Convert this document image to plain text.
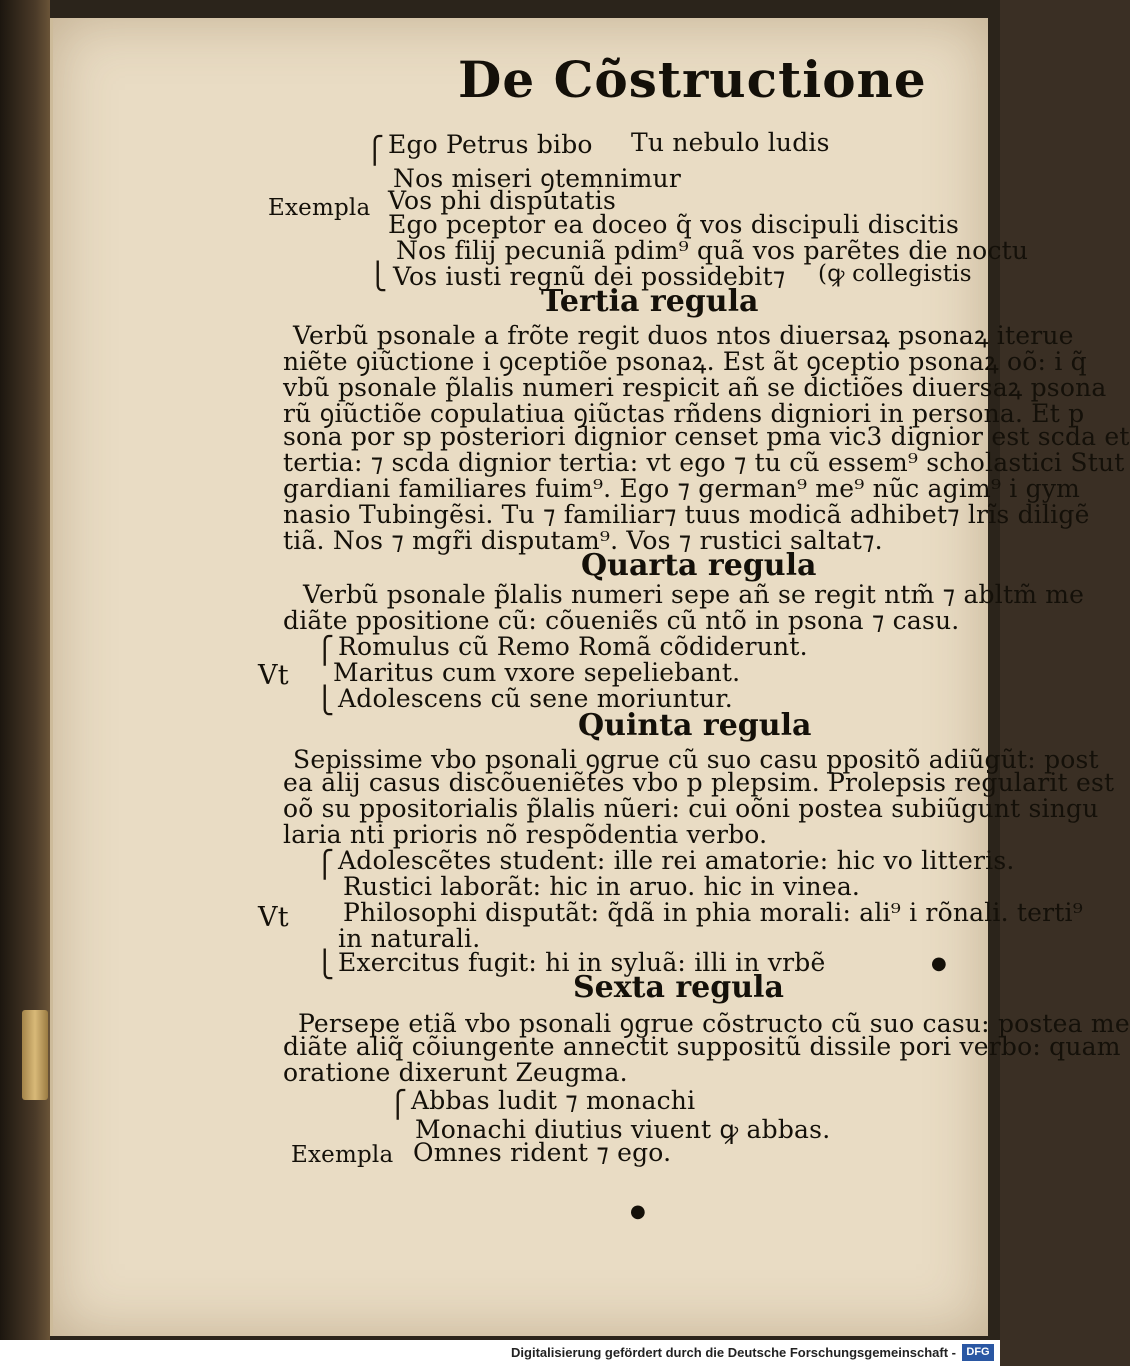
De Cõstructione
⎧ Ego Petrus bibo Tu nebulo ludis
Nos miseri ꝯtemnimur
Exempla Vos phi disputatis
Ego pceptor ea doceo q̃ vos discipuli discitis
Nos filij pecuniã pdim⁹ quã vos parẽtes die noctu
⎩ Vos iusti regnũ dei possidebit⁊ (ꝙ collegistis
Tertia regula
Verbũ psonale a frõte regit duos ntos diuersaꝝ psonaꝝ iterue
niẽte ꝯiũctione i ꝯceptiõe psonaꝝ. Est ãt ꝯceptio psonaꝝ oõ: i q̃
vbũ psonale p̃lalis numeri respicit añ se dictiões diuersaꝝ psona
rũ ꝯiũctiõe copulatiua ꝯiũctas rñdens digniori in persona. Et p
sona por sp posteriori dignior censet pma vic3 dignior est scda et
tertia: ⁊ scda dignior tertia: vt ego ⁊ tu cũ essem⁹ scholastici Stut
gardiani familiares fuim⁹. Ego ⁊ german⁹ me⁹ nũc agim⁹ i gym
nasio Tubingẽsi. Tu ⁊ familiar⁊ tuus modicã adhibet⁊ lrĩs diligẽ
tiã. Nos ⁊ mgr̃i disputam⁹. Vos ⁊ rustici saltat⁊.
Quarta regula
Verbũ psonale p̃lalis numeri sepe añ se regit ntm̃ ⁊ abltm̃ me
diãte ppositione cũ: cõueniẽs cũ ntõ in psona ⁊ casu.
⎧ Romulus cũ Remo Romã cõdiderunt.
Vt Maritus cum vxore sepeliebant.
⎩ Adolescens cũ sene moriuntur.
Quinta regula
Sepissime vbo psonali ꝯgrue cũ suo casu ppositõ adiũgũt: post
ea alij casus discõueniẽtes vbo p plepsim. Prolepsis regularit est
oõ su ppositorialis p̃lalis nũeri: cui oõni postea subiũgunt singu
laria nti prioris nõ respõdentia verbo.
⎧ Adolescẽtes student: ille rei amatorie: hic vo litteris.
Rustici laborãt: hic in aruo. hic in vinea.
Vt Philosophi disputãt: q̃dã in phia morali: ali⁹ i rõnali. terti⁹
in naturali.
⎩ Exercitus fugit: hi in syluã: illi in vrbẽ	●
Sexta regula
Persepe etiã vbo psonali ꝯgrue cõstructo cũ suo casu: postea me
diãte aliq̃ cõiungente annectit suppositũ dissile pori verbo: quam
oratione dixerunt Zeugma.
⎧ Abbas ludit ⁊ monachi
Monachi diutius viuent ꝙ abbas.
Exempla Omnes rident ⁊ ego.
●
Digitalisierung gefördert durch die Deutsche Forschungsgemeinschaft - DFG
